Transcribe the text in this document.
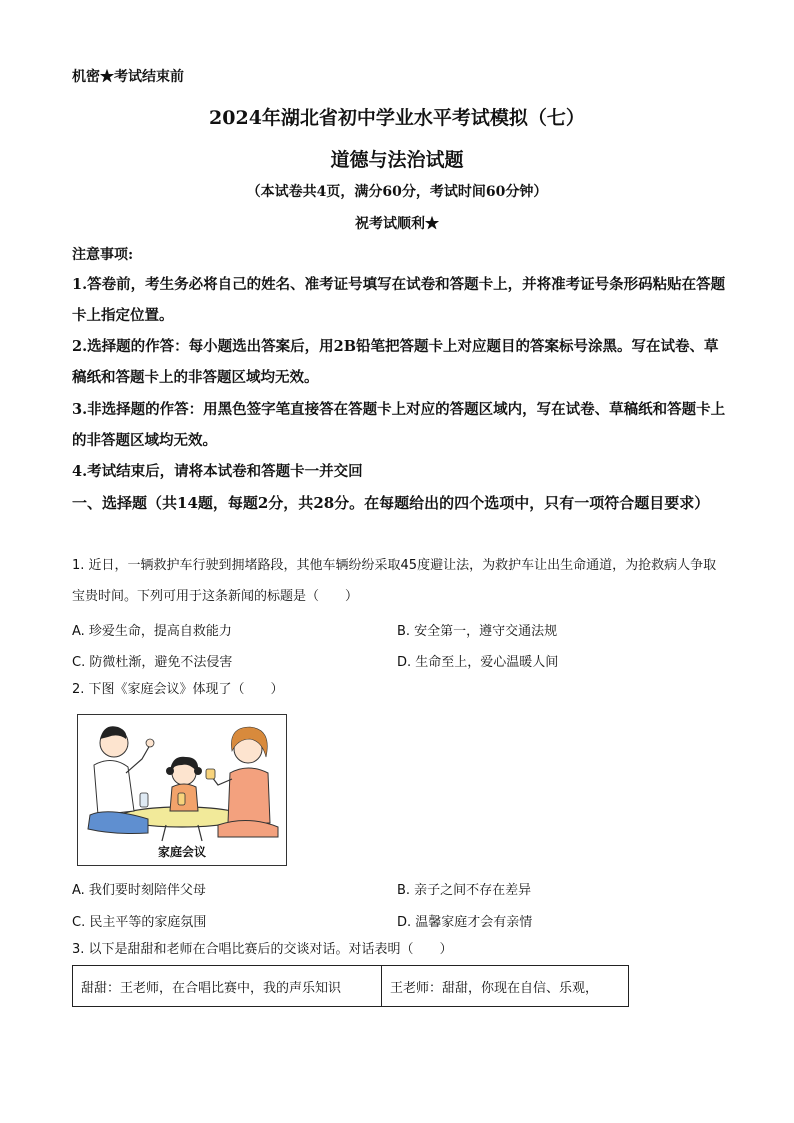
机密★考试结束前
2024年湖北省初中学业水平考试模拟（七）
道德与法治试题
（本试卷共4页，满分60分，考试时间60分钟）
祝考试顺利★
注意事项:
1.答卷前，考生务必将自己的姓名、准考证号填写在试卷和答题卡上，并将准考证号条形码粘贴在答题卡上指定位置。
2.选择题的作答：每小题选出答案后，用2B铅笔把答题卡上对应题目的答案标号涂黑。写在试卷、草稿纸和答题卡上的非答题区域均无效。
3.非选择题的作答：用黑色签字笔直接答在答题卡上对应的答题区域内，写在试卷、草稿纸和答题卡上的非答题区域均无效。
4.考试结束后，请将本试卷和答题卡一并交回
一、选择题（共14题，每题2分，共28分。在每题给出的四个选项中，只有一项符合题目要求）
1. 近日，一辆救护车行驶到拥堵路段，其他车辆纷纷采取45度避让法，为救护车让出生命通道，为抢救病人争取宝贵时间。下列可用于这条新闻的标题是（　　）
A. 珍爱生命，提高自救能力	B. 安全第一，遵守交通法规
C. 防微杜渐，避免不法侵害	D. 生命至上，爱心温暖人间
2. 下图《家庭会议》体现了（　　）
家庭会议
A. 我们要时刻陪伴父母	B. 亲子之间不存在差异
C. 民主平等的家庭氛围	D. 温馨家庭才会有亲情
3. 以下是甜甜和老师在合唱比赛后的交谈对话。对话表明（　　）
甜甜：王老师，在合唱比赛中，我的声乐知识	王老师：甜甜，你现在自信、乐观，
